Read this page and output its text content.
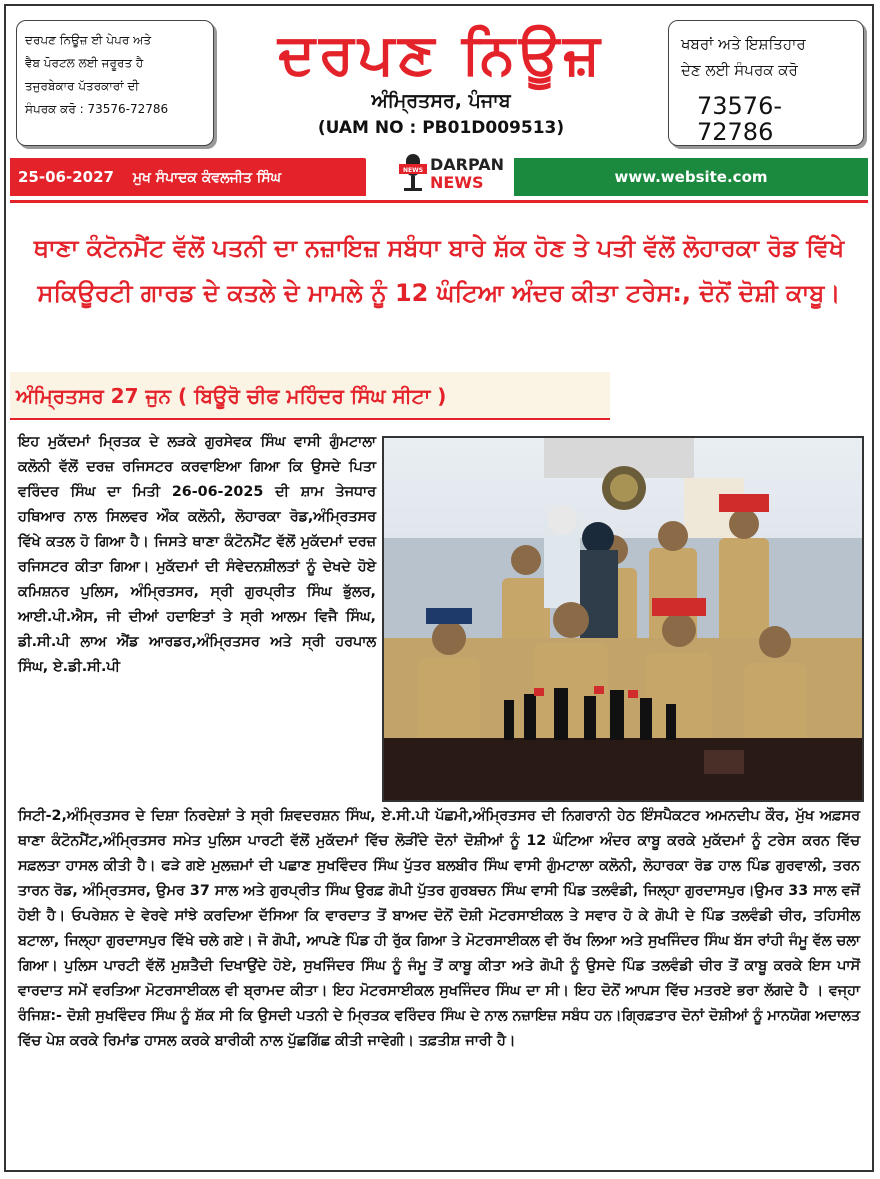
ਦਰਪਣ ਨਿਊਜ਼ ਈ ਪੇਪਰ ਅਤੇ
ਵੈਬ ਪੋਰਟਲ ਲਈ ਜਰੂਰਤ ਹੈ
ਤਜੁਰਬੇਕਾਰ ਪੱਤਰਕਾਰਾਂ ਦੀ
ਸੰਪਰਕ ਕਰੋ : 73576-72786
ਦਰਪਣ ਨਿਊਜ਼
ਅੰਮ੍ਰਿਤਸਰ, ਪੰਜਾਬ
(UAM NO : PB01D009513)
ਖਬਰਾਂ ਅਤੇ ਇਸ਼ਤਿਹਾਰ
ਦੇਣ ਲਈ ਸੰਪਰਕ ਕਰੋ
73576-72786
25-06-2027 ਮੁਖ ਸੰਪਾਦਕ ਕੰਵਲਜੀਤ ਸਿੰਘ	NEWS DARPAN
NEWS	www.website.com
ਥਾਣਾ ਕੰਟੋਨਮੈਂਟ ਵੱਲੋਂ ਪਤਨੀ ਦਾ ਨਜ਼ਾਇਜ਼ ਸਬੰਧਾ ਬਾਰੇ ਸ਼ੱਕ ਹੋਣ ਤੇ ਪਤੀ ਵੱਲੋਂ ਲੋਹਾਰਕਾ ਰੋਡ ਵਿੱਖੇ ਸਕਿਊਰਟੀ ਗਾਰਡ ਦੇ ਕਤਲੇ ਦੇ ਮਾਮਲੇ ਨੂੰ 12 ਘੰਟਿਆ ਅੰਦਰ ਕੀਤਾ ਟਰੇਸ:, ਦੋਨੋਂ ਦੋਸ਼ੀ ਕਾਬੂ।
ਅੰਮ੍ਰਿਤਸਰ 27 ਜੁਨ ( ਬਿਊਰੋ ਚੀਫ ਮਹਿੰਦਰ ਸਿੰਘ ਸੀਟਾ )
ਇਹ ਮੁਕੱਦਮਾਂ ਮ੍ਰਿਤਕ ਦੇ ਲੜਕੇ ਗੁਰਸੇਵਕ ਸਿੰਘ ਵਾਸੀ ਗੁੰਮਟਾਲਾ ਕਲੋਨੀ ਵੱਲੋਂ ਦਰਜ਼ ਰਜਿਸਟਰ ਕਰਵਾਇਆ ਗਿਆ ਕਿ ਉਸਦੇ ਪਿਤਾ ਵਰਿੰਦਰ ਸਿੰਘ ਦਾ ਮਿਤੀ 26-06-2025 ਦੀ ਸ਼ਾਮ ਤੇਜਧਾਰ ਹਥਿਆਰ ਨਾਲ ਸਿਲਵਰ ਔਕ ਕਲੋਨੀ, ਲੋਹਾਰਕਾ ਰੋਡ,ਅੰਮ੍ਰਿਤਸਰ ਵਿੱਖੇ ਕਤਲ ਹੋ ਗਿਆ ਹੈ। ਜਿਸਤੇ ਥਾਣਾ ਕੰਟੋਨਮੈਂਟ ਵੱਲੋਂ ਮੁਕੱਦਮਾਂ ਦਰਜ਼ ਰਜਿਸਟਰ ਕੀਤਾ ਗਿਆ। ਮੁਕੱਦਮਾਂ ਦੀ ਸੰਵੇਦਨਸ਼ੀਲਤਾਂ ਨੂੰ ਦੇਖਦੇ ਹੋਏ ਕਮਿਸ਼ਨਰ ਪੁਲਿਸ, ਅੰਮ੍ਰਿਤਸਰ, ਸ੍ਰੀ ਗੁਰਪ੍ਰੀਤ ਸਿੰਘ ਭੁੱਲਰ, ਆਈ.ਪੀ.ਐਸ, ਜੀ ਦੀਆਂ ਹਦਾਇਤਾਂ ਤੇ ਸ੍ਰੀ ਆਲਮ ਵਿਜੈ ਸਿੰਘ, ਡੀ.ਸੀ.ਪੀ ਲਾਅ ਐਂਡ ਆਰਡਰ,ਅੰਮ੍ਰਿਤਸਰ ਅਤੇ ਸ੍ਰੀ ਹਰਪਾਲ ਸਿੰਘ, ਏ.ਡੀ.ਸੀ.ਪੀ
ਸਿਟੀ-2,ਅੰਮ੍ਰਿਤਸਰ ਦੇ ਦਿਸ਼ਾ ਨਿਰਦੇਸ਼ਾਂ ਤੇ ਸ੍ਰੀ ਸ਼ਿਵਦਰਸ਼ਨ ਸਿੰਘ, ਏ.ਸੀ.ਪੀ ਪੱਛਮੀ,ਅੰਮ੍ਰਿਤਸਰ ਦੀ ਨਿਗਰਾਨੀ ਹੇਠ ਇੰਸਪੈਕਟਰ ਅਮਨਦੀਪ ਕੌਰ, ਮੁੱਖ ਅਫ਼ਸਰ ਥਾਣਾ ਕੰਟੋਨਮੈਂਟ,ਅੰਮ੍ਰਿਤਸਰ ਸਮੇਤ ਪੁਲਿਸ ਪਾਰਟੀ ਵੱਲੋਂ ਮੁਕੱਦਮਾਂ ਵਿੱਚ ਲੋੜੀਂਦੇ ਦੋਨਾਂ ਦੋਸ਼ੀਆਂ ਨੂੰ 12 ਘੰਟਿਆ ਅੰਦਰ ਕਾਬੂ ਕਰਕੇ ਮੁਕੱਦਮਾਂ ਨੂੰ ਟਰੇਸ ਕਰਨ ਵਿੱਚ ਸਫ਼ਲਤਾ ਹਾਸਲ ਕੀਤੀ ਹੈ। ਫੜੇ ਗਏ ਮੁਲਜ਼ਮਾਂ ਦੀ ਪਛਾਣ ਸੁਖਵਿੰਦਰ ਸਿੰਘ ਪੁੱਤਰ ਬਲਬੀਰ ਸਿੰਘ ਵਾਸੀ ਗੁੰਮਟਾਲਾ ਕਲੋਨੀ, ਲੋਹਾਰਕਾ ਰੋਡ ਹਾਲ ਪਿੰਡ ਗੁਰਵਾਲੀ, ਤਰਨ ਤਾਰਨ ਰੋਡ, ਅੰਮ੍ਰਿਤਸਰ, ਉਮਰ 37 ਸਾਲ ਅਤੇ ਗੁਰਪ੍ਰੀਤ ਸਿੰਘ ਉਰਫ਼ ਗੋਪੀ ਪੁੱਤਰ ਗੁਰਬਚਨ ਸਿੰਘ ਵਾਸੀ ਪਿੰਡ ਤਲਵੰਡੀ, ਜਿਲ੍ਹਾ ਗੁਰਦਾਸਪੁਰ।ਉਮਰ 33 ਸਾਲ ਵਜੋਂ ਹੋਈ ਹੈ। ਓਪਰੇਸ਼ਨ ਦੇ ਵੇਰਵੇ ਸਾਂਝੇ ਕਰਦਿਆ ਦੱਸਿਆ ਕਿ ਵਾਰਦਾਤ ਤੋਂ ਬਾਅਦ ਦੋਨੋਂ ਦੋਸ਼ੀ ਮੋਟਰਸਾਈਕਲ ਤੇ ਸਵਾਰ ਹੋ ਕੇ ਗੋਪੀ ਦੇ ਪਿੰਡ ਤਲਵੰਡੀ ਚੀਰ, ਤਹਿਸੀਲ ਬਟਾਲਾ, ਜਿਲ੍ਹਾ ਗੁਰਦਾਸਪੁਰ ਵਿੱਖੇ ਚਲੇ ਗਏ। ਜੋ ਗੋਪੀ, ਆਪਣੇ ਪਿੰਡ ਹੀ ਰੁੱਕ ਗਿਆ ਤੇ ਮੋਟਰਸਾਈਕਲ ਵੀ ਰੱਖ ਲਿਆ ਅਤੇ ਸੁਖਜਿੰਦਰ ਸਿੰਘ ਬੱਸ ਰਾਂਹੀ ਜੰਮੂ ਵੱਲ ਚਲਾ ਗਿਆ। ਪੁਲਿਸ ਪਾਰਟੀ ਵੱਲੋਂ ਮੁਸ਼ਤੈਦੀ ਦਿਖਾਉਂਦੇ ਹੋਏ, ਸੁਖਜਿੰਦਰ ਸਿੰਘ ਨੂੰ ਜੰਮੂ ਤੋਂ ਕਾਬੂ ਕੀਤਾ ਅਤੇ ਗੋਪੀ ਨੂੰ ਉਸਦੇ ਪਿੰਡ ਤਲਵੰਡੀ ਚੀਰ ਤੋਂ ਕਾਬੂ ਕਰਕੇ ਇਸ ਪਾਸੋਂ ਵਾਰਦਾਤ ਸਮੇਂ ਵਰਤਿਆ ਮੋਟਰਸਾਈਕਲ ਵੀ ਬ੍ਰਾਮਦ ਕੀਤਾ। ਇਹ ਮੋਟਰਸਾਈਕਲ ਸੁਖਜਿੰਦਰ ਸਿੰਘ ਦਾ ਸੀ। ਇਹ ਦੋਨੋਂ ਆਪਸ ਵਿੱਚ ਮਤਰਏ ਭਰਾ ਲੱਗਦੇ ਹੈ । ਵਜ੍ਹਾ ਰੰਜਿਸ਼:- ਦੋਸ਼ੀ ਸੁਖਵਿੰਦਰ ਸਿੰਘ ਨੂੰ ਸ਼ੱਕ ਸੀ ਕਿ ਉਸਦੀ ਪਤਨੀ ਦੇ ਮ੍ਰਿਤਕ ਵਰਿੰਦਰ ਸਿੰਘ ਦੇ ਨਾਲ ਨਜ਼ਾਇਜ਼ ਸਬੰਧ ਹਨ।ਗ੍ਰਿਫ਼ਤਾਰ ਦੋਨਾਂ ਦੋਸ਼ੀਆਂ ਨੂੰ ਮਾਨਯੋਗ ਅਦਾਲਤ ਵਿੱਚ ਪੇਸ਼ ਕਰਕੇ ਰਿਮਾਂਡ ਹਾਸਲ ਕਰਕੇ ਬਾਰੀਕੀ ਨਾਲ ਪੁੱਛਗਿੱਛ ਕੀਤੀ ਜਾਵੇਗੀ। ਤਫ਼ਤੀਸ਼ ਜਾਰੀ ਹੈ।
